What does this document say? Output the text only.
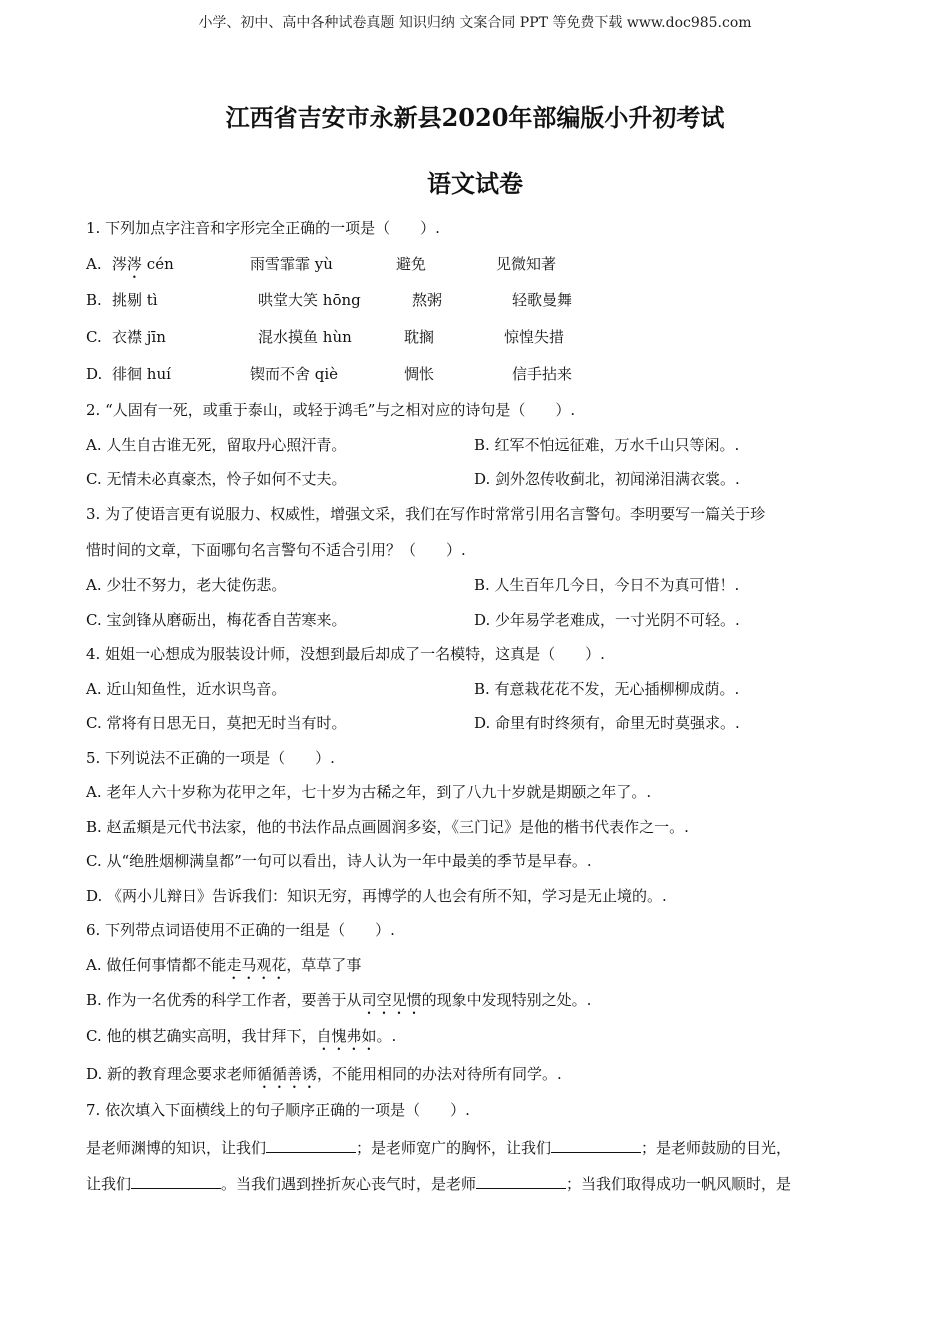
小学、初中、高中各种试卷真题 知识归纳 文案合同 PPT 等免费下载 www.doc985.com
江西省吉安市永新县2020年部编版小升初考试
语文试卷
1. 下列加点字注音和字形完全正确的一项是（　　）.
A. 涔涔 cén	雨雪霏霏 yù	避免	见微知著
B. 挑剔 tì	哄堂大笑 hōng	熬粥	轻歌曼舞
C. 衣襟 jīn	混水摸鱼 hùn	耽搁	惊惶失措
D. 徘徊 huí	锲而不舍 qiè	惆怅	信手拈来
2. “人固有一死，或重于泰山，或轻于鸿毛”与之相对应的诗句是（　　）.
A. 人生自古谁无死，留取丹心照汗青。	B. 红军不怕远征难，万水千山只等闲。.
C. 无情未必真豪杰，怜子如何不丈夫。	D. 剑外忽传收蓟北，初闻涕泪满衣裳。.
3. 为了使语言更有说服力、权威性，增强文采，我们在写作时常常引用名言警句。李明要写一篇关于珍
惜时间的文章，下面哪句名言警句不适合引用？（　　）.
A. 少壮不努力，老大徒伤悲。	B. 人生百年几今日，今日不为真可惜！.
C. 宝剑锋从磨砺出，梅花香自苦寒来。	D. 少年易学老难成，一寸光阴不可轻。.
4. 姐姐一心想成为服装设计师，没想到最后却成了一名模特，这真是（　　）.
A. 近山知鱼性，近水识鸟音。	B. 有意栽花花不发，无心插柳柳成荫。.
C. 常将有日思无日，莫把无时当有时。	D. 命里有时终须有，命里无时莫强求。.
5. 下列说法不正确的一项是（　　）.
A. 老年人六十岁称为花甲之年，七十岁为古稀之年，到了八九十岁就是期颐之年了。.
B. 赵孟頫是元代书法家，他的书法作品点画圆润多姿，《三门记》是他的楷书代表作之一。.
C. 从“绝胜烟柳满皇都”一句可以看出，诗人认为一年中最美的季节是早春。.
D. 《两小儿辩日》告诉我们：知识无穷，再博学的人也会有所不知，学习是无止境的。.
6. 下列带点词语使用不正确的一组是（　　）.
A. 做任何事情都不能走马观花，草草了事
B. 作为一名优秀的科学工作者，要善于从司空见惯的现象中发现特别之处。.
C. 他的棋艺确实高明，我甘拜下，自愧弗如。.
D. 新的教育理念要求老师循循善诱，不能用相同的办法对待所有同学。.
7. 依次填入下面横线上的句子顺序正确的一项是（　　）.
是老师渊博的知识，让我们	；是老师宽广的胸怀，让我们	；是老师鼓励的目光，
让我们	。当我们遇到挫折灰心丧气时，是老师	；当我们取得成功一帆风顺时，是
